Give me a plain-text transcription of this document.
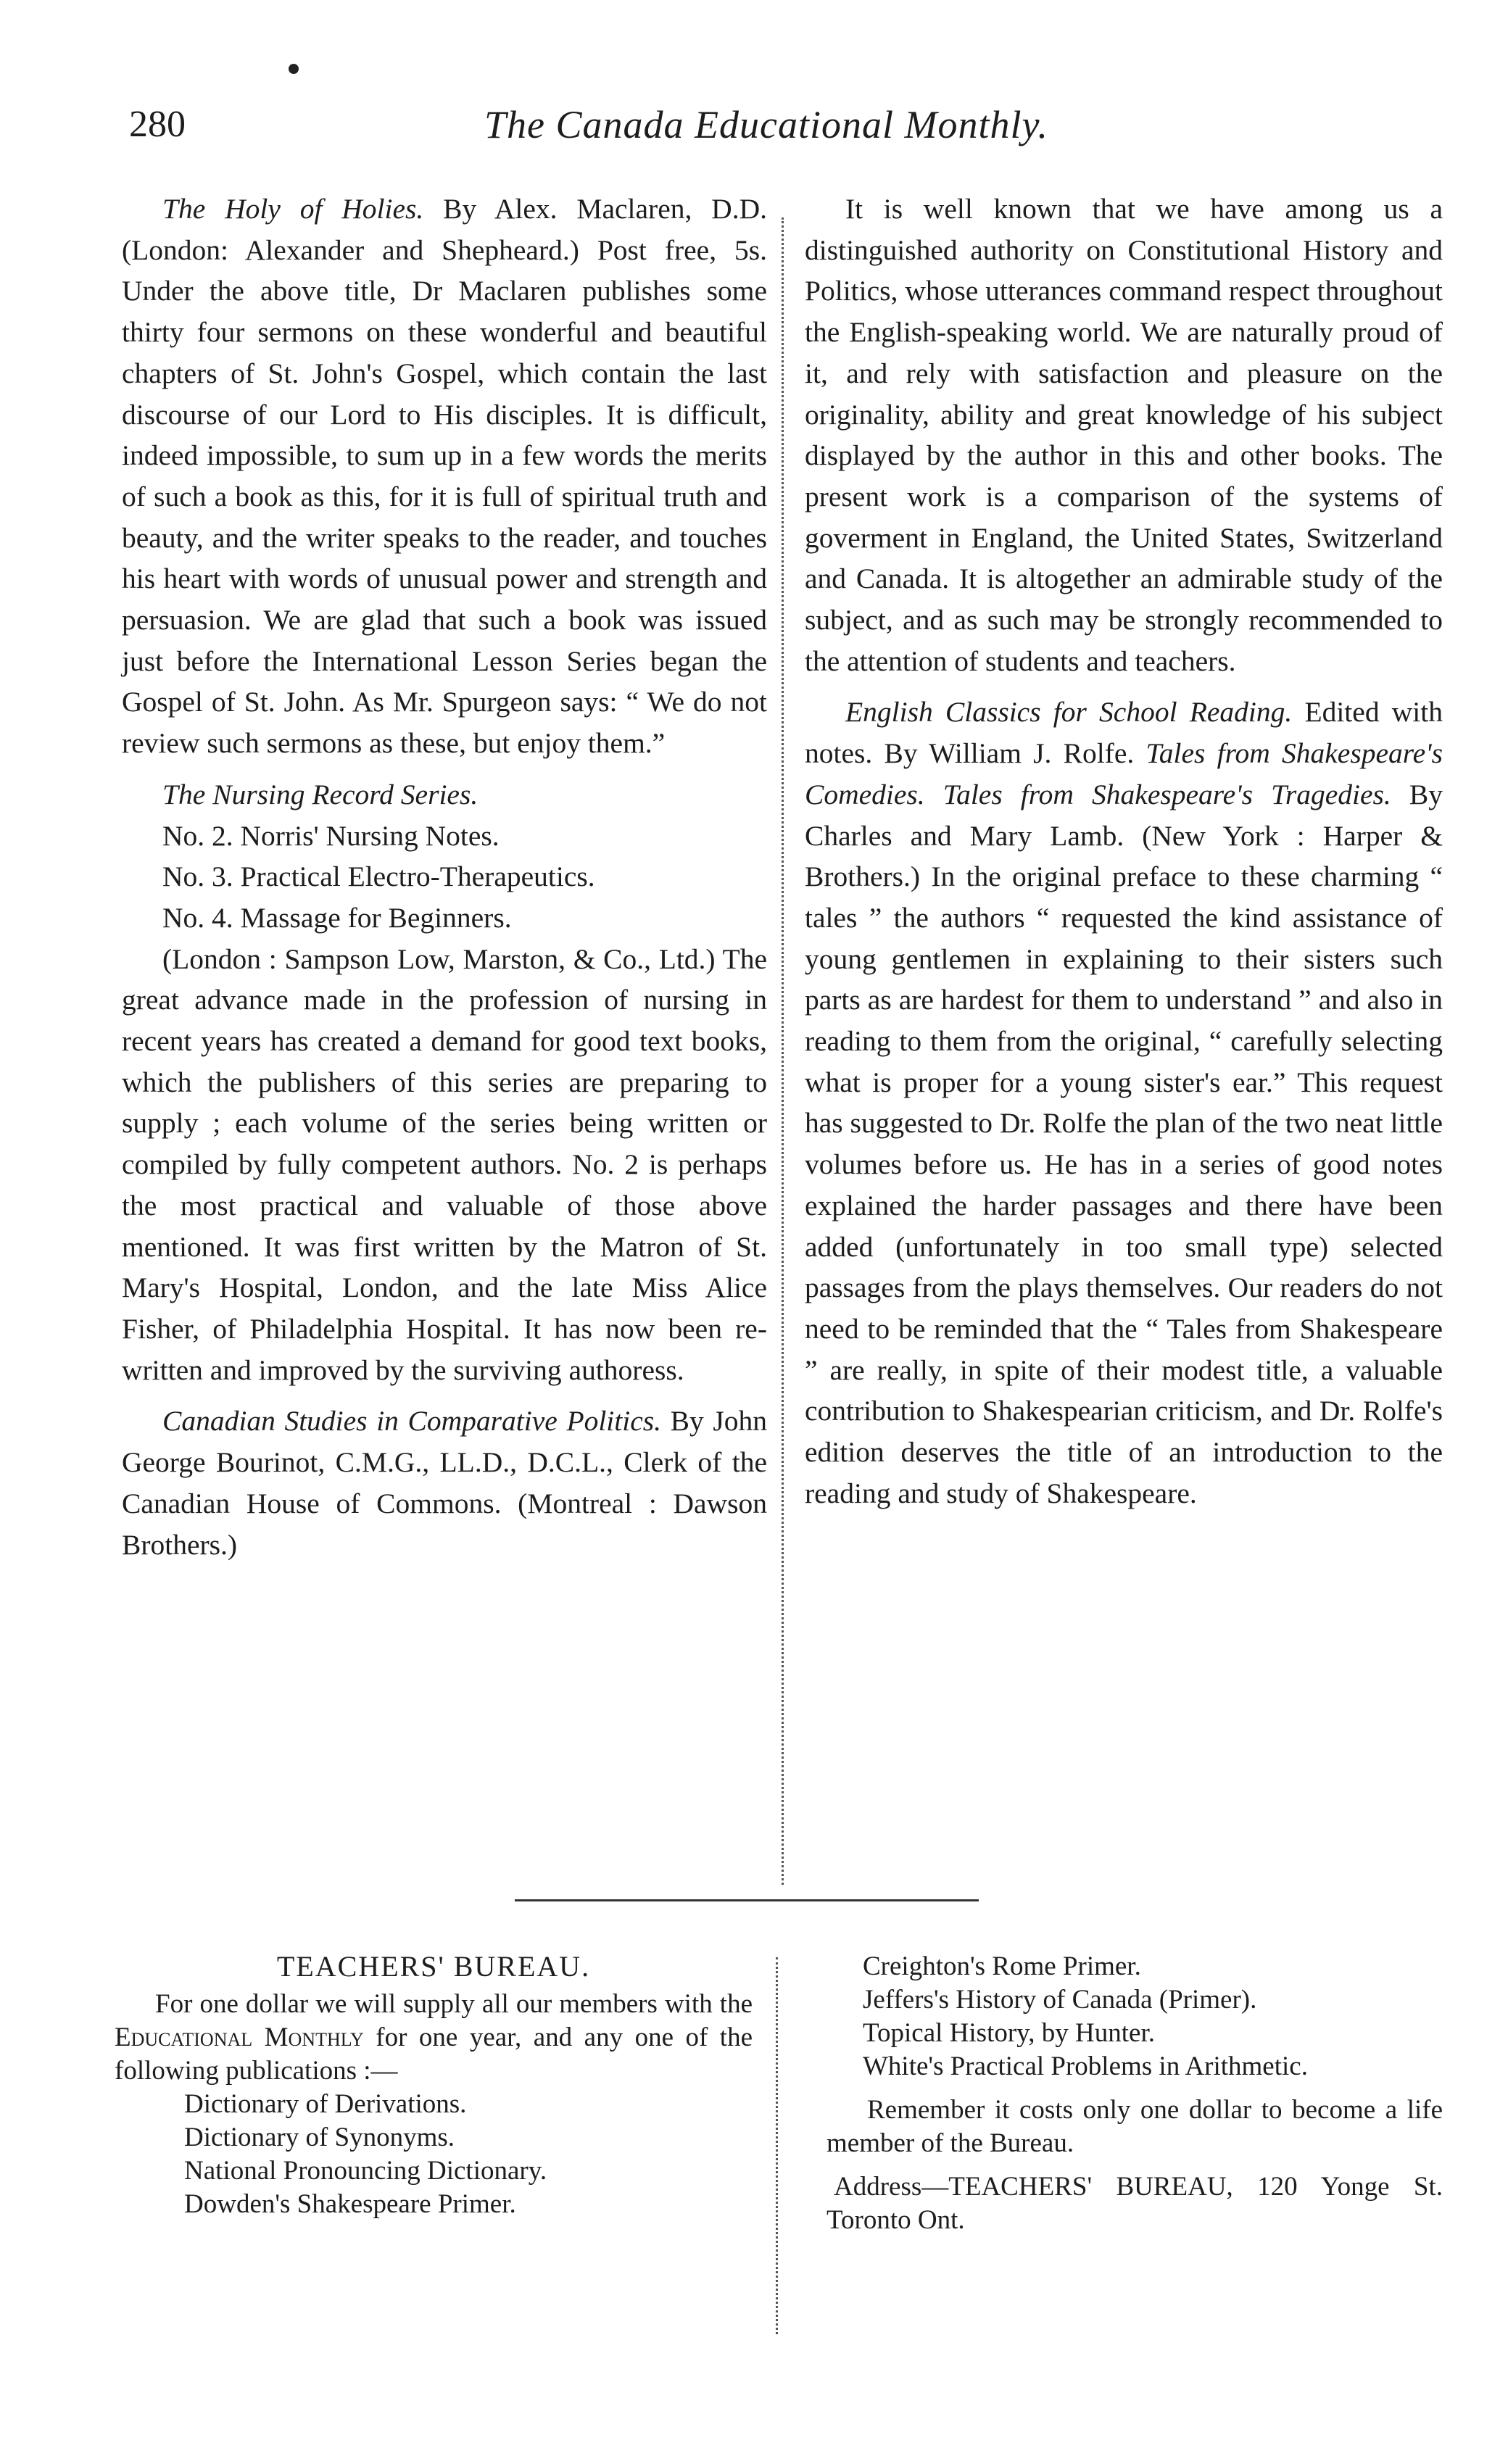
280	The Canada Educational Monthly.

The Holy of Holies. By Alex. Maclaren, D.D. (London: Alexander and Shepheard.) Post free, 5s. Under the above title, Dr Maclaren publishes some thirty four sermons on these wonderful and beautiful chapters of St. John's Gospel, which contain the last discourse of our Lord to His disciples. It is difficult, indeed impossible, to sum up in a few words the merits of such a book as this, for it is full of spiritual truth and beauty, and the writer speaks to the reader, and touches his heart with words of unusual power and strength and persuasion. We are glad that such a book was issued just before the International Lesson Series began the Gospel of St. John. As Mr. Spurgeon says: “ We do not review such sermons as these, but enjoy them.”

The Nursing Record Series.

No. 2. Norris' Nursing Notes.

No. 3. Practical Electro-Therapeutics.

No. 4. Massage for Beginners.

(London : Sampson Low, Marston, & Co., Ltd.) The great advance made in the profession of nursing in recent years has created a demand for good text books, which the publishers of this series are preparing to supply ; each volume of the series being written or compiled by fully competent authors. No. 2 is perhaps the most practical and valuable of those above mentioned. It was first written by the Matron of St. Mary's Hospital, London, and the late Miss Alice Fisher, of Philadelphia Hospital. It has now been re-written and improved by the surviving authoress.

Canadian Studies in Comparative Politics. By John George Bourinot, C.M.G., LL.D., D.C.L., Clerk of the Canadian House of Commons. (Montreal : Dawson Brothers.)

It is well known that we have among us a distinguished authority on Constitutional History and Politics, whose utterances command respect throughout the English-speaking world. We are naturally proud of it, and rely with satisfaction and pleasure on the originality, ability and great knowledge of his subject displayed by the author in this and other books. The present work is a comparison of the systems of goverment in England, the United States, Switzerland and Canada. It is altogether an admirable study of the subject, and as such may be strongly recommended to the attention of students and teachers.

English Classics for School Reading. Edited with notes. By William J. Rolfe. Tales from Shakespeare's Comedies. Tales from Shakespeare's Tragedies. By Charles and Mary Lamb. (New York : Harper & Brothers.) In the original preface to these charming “ tales ” the authors “ requested the kind assistance of young gentlemen in explaining to their sisters such parts as are hardest for them to understand ” and also in reading to them from the original, “ carefully selecting what is proper for a young sister's ear.” This request has suggested to Dr. Rolfe the plan of the two neat little volumes before us. He has in a series of good notes explained the harder passages and there have been added (unfortunately in too small type) selected passages from the plays themselves. Our readers do not need to be reminded that the “ Tales from Shakespeare ” are really, in spite of their modest title, a valuable contribution to Shakespearian criticism, and Dr. Rolfe's edition deserves the title of an introduction to the reading and study of Shakespeare.

TEACHERS' BUREAU.

For one dollar we will supply all our members with the Educational Monthly for one year, and any one of the following publications :—

Dictionary of Derivations.

Dictionary of Synonyms.

National Pronouncing Dictionary.

Dowden's Shakespeare Primer.

Creighton's Rome Primer.

Jeffers's History of Canada (Primer).

Topical History, by Hunter.

White's Practical Problems in Arithmetic.

Remember it costs only one dollar to become a life member of the Bureau.

Address—TEACHERS' BUREAU, 120 Yonge St. Toronto Ont.
